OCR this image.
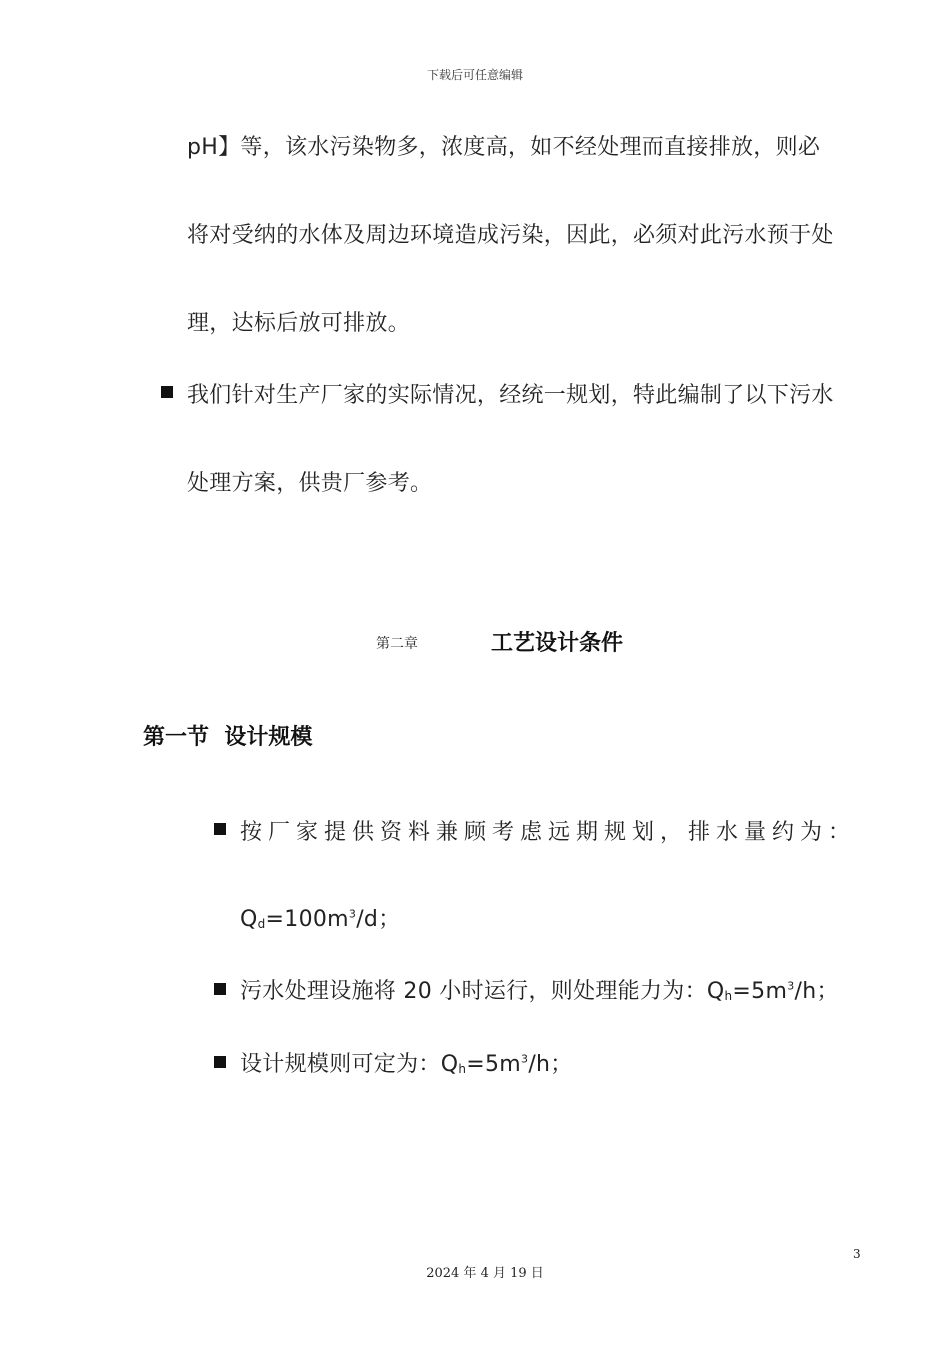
下载后可任意编辑
pH】等，该水污染物多，浓度高，如不经处理而直接排放，则必
将对受纳的水体及周边环境造成污染，因此，必须对此污水预于处
理，达标后放可排放。
我们针对生产厂家的实际情况，经统一规划，特此编制了以下污水
处理方案，供贵厂参考。
第二章	工艺设计条件
第一节  设计规模
按厂家提供资料兼顾考虑远期规划，排水量约为：
$Q_d=100m^3/d$；
污水处理设施将 20 小时运行，则处理能力为：$Q_h=5m^3/h$；
设计规模则可定为：$Q_h=5m^3/h$；
3
2024 年 4 月 19 日
